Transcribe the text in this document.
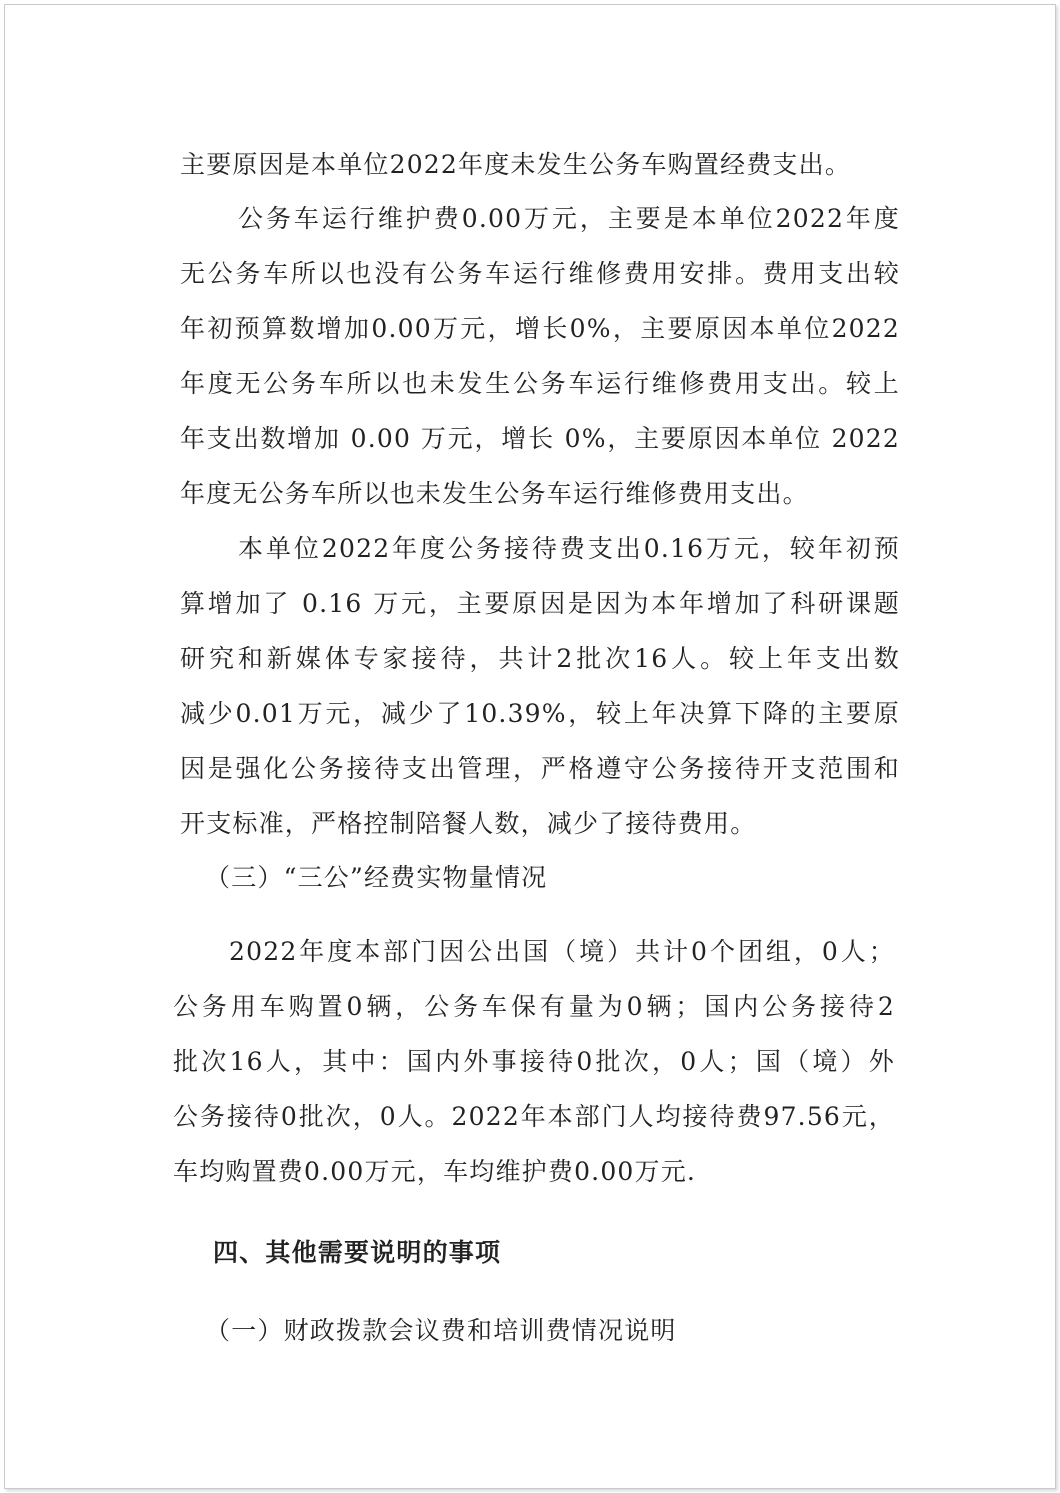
主要原因是本单位2022年度未发生公务车购置经费支出。
公务车运行维护费0.00万元，主要是本单位2022年度
无公务车所以也没有公务车运行维修费用安排。费用支出较
年初预算数增加0.00万元，增长0%，主要原因本单位2022
年度无公务车所以也未发生公务车运行维修费用支出。较上
年支出数增加 0.00 万元，增长 0%，主要原因本单位 2022
年度无公务车所以也未发生公务车运行维修费用支出。
本单位2022年度公务接待费支出0.16万元，较年初预
算增加了 0.16 万元，主要原因是因为本年增加了科研课题
研究和新媒体专家接待，共计2批次16人。较上年支出数
减少0.01万元，减少了10.39%，较上年决算下降的主要原
因是强化公务接待支出管理，严格遵守公务接待开支范围和
开支标准，严格控制陪餐人数，减少了接待费用。
（三）“三公”经费实物量情况
2022年度本部门因公出国（境）共计0个团组，0人；
公务用车购置0辆，公务车保有量为0辆；国内公务接待2
批次16人，其中：国内外事接待0批次，0人；国（境）外
公务接待0批次，0人。2022年本部门人均接待费97.56元，
车均购置费0.00万元，车均维护费0.00万元.
四、其他需要说明的事项
（一）财政拨款会议费和培训费情况说明
